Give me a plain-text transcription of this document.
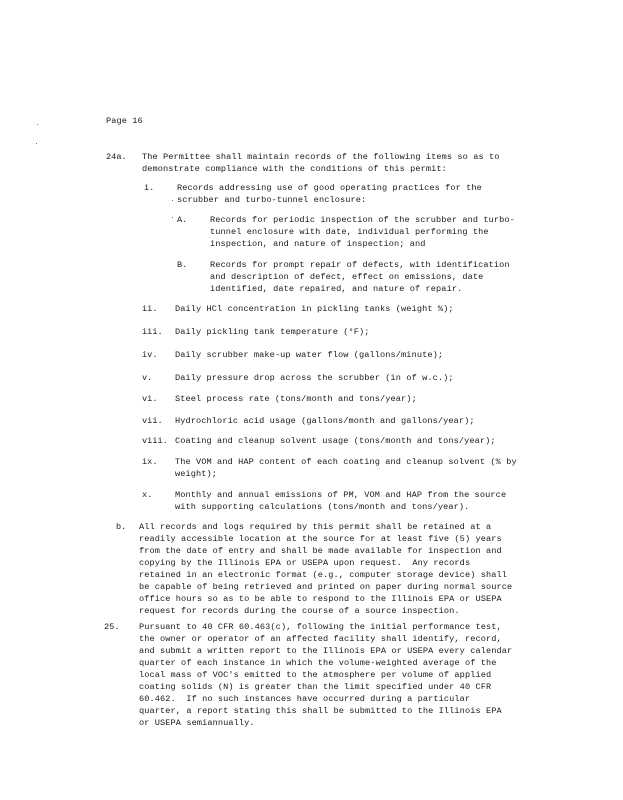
Page 16
24a. The Permittee shall maintain records of the following items so as to
demonstrate compliance with the conditions of this permit:
i.	Records addressing use of good operating practices for the
scrubber and turbo-tunnel enclosure:
A.	Records for periodic inspection of the scrubber and turbo-
tunnel enclosure with date, individual performing the
inspection, and nature of inspection; and
B.	Records for prompt repair of defects, with identification
and description of defect, effect on emissions, date
identified, date repaired, and nature of repair.
ii. Daily HCl concentration in pickling tanks (weight %);
iii. Daily pickling tank temperature (°F);
iv. Daily scrubber make-up water flow (gallons/minute);
v.	Daily pressure drop across the scrubber (in of w.c.);
vi. Steel process rate (tons/month and tons/year);
vii. Hydrochloric acid usage (gallons/month and gallons/year);
viii. Coating and cleanup solvent usage (tons/month and tons/year);
ix. The VOM and HAP content of each coating and cleanup solvent (% by
weight);
x.	Monthly and annual emissions of PM, VOM and HAP from the source
with supporting calculations (tons/month and tons/year).
b. All records and logs required by this permit shall be retained at a
readily accessible location at the source for at least five (5) years
from the date of entry and shall be made available for inspection and
copying by the Illinois EPA or USEPA upon request.  Any records
retained in an electronic format (e.g., computer storage device) shall
be capable of being retrieved and printed on paper during normal source
office hours so as to be able to respond to the Illinois EPA or USEPA
request for records during the course of a source inspection.
25. Pursuant to 40 CFR 60.463(c), following the initial performance test,
the owner or operator of an affected facility shall identify, record,
and submit a written report to the Illinois EPA or USEPA every calendar
quarter of each instance in which the volume-weighted average of the
local mass of VOC's emitted to the atmosphere per volume of applied
coating solids (N) is greater than the limit specified under 40 CFR
60.462.  If no such instances have occurred during a particular
quarter, a report stating this shall be submitted to the Illinois EPA
or USEPA semiannually.
